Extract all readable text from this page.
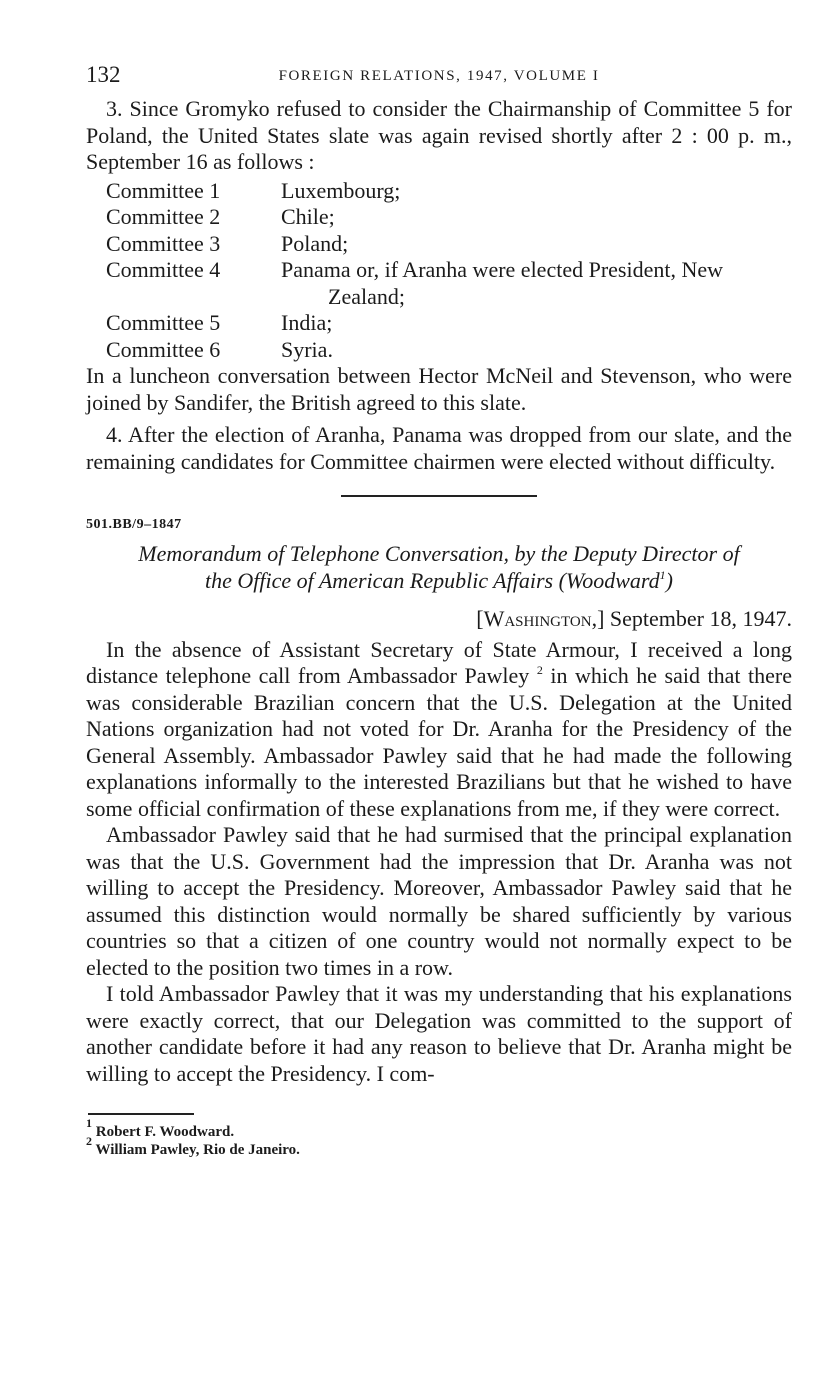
132	FOREIGN RELATIONS, 1947, VOLUME I

3. Since Gromyko refused to consider the Chairmanship of Committee 5 for Poland, the United States slate was again revised shortly after 2 : 00 p. m., September 16 as follows :

Committee 1	Luxembourg;
Committee 2	Chile;
Committee 3	Poland;
Committee 4	Panama or, if Aranha were elected President, New
Zealand;
Committee 5	India;
Committee 6	Syria.

In a luncheon conversation between Hector McNeil and Stevenson, who were joined by Sandifer, the British agreed to this slate.

4. After the election of Aranha, Panama was dropped from our slate, and the remaining candidates for Committee chairmen were elected without difficulty.

501.BB/9–1847
Memorandum of Telephone Conversation, by the Deputy Director of
the Office of American Republic Affairs (Woodward$^1$)
[Washington,] September 18, 1947.

In the absence of Assistant Secretary of State Armour, I received a long distance telephone call from Ambassador Pawley $^2$ in which he said that there was considerable Brazilian concern that the U.S. Delegation at the United Nations organization had not voted for Dr. Aranha for the Presidency of the General Assembly. Ambassador Pawley said that he had made the following explanations informally to the interested Brazilians but that he wished to have some official confirmation of these explanations from me, if they were correct.

Ambassador Pawley said that he had surmised that the principal explanation was that the U.S. Government had the impression that Dr. Aranha was not willing to accept the Presidency. Moreover, Ambassador Pawley said that he assumed this distinction would normally be shared sufficiently by various countries so that a citizen of one country would not normally expect to be elected to the position two times in a row.

I told Ambassador Pawley that it was my understanding that his explanations were exactly correct, that our Delegation was committed to the support of another candidate before it had any reason to believe that Dr. Aranha might be willing to accept the Presidency. I com-

$^1$ Robert F. Woodward.
$^2$ William Pawley, Rio de Janeiro.
